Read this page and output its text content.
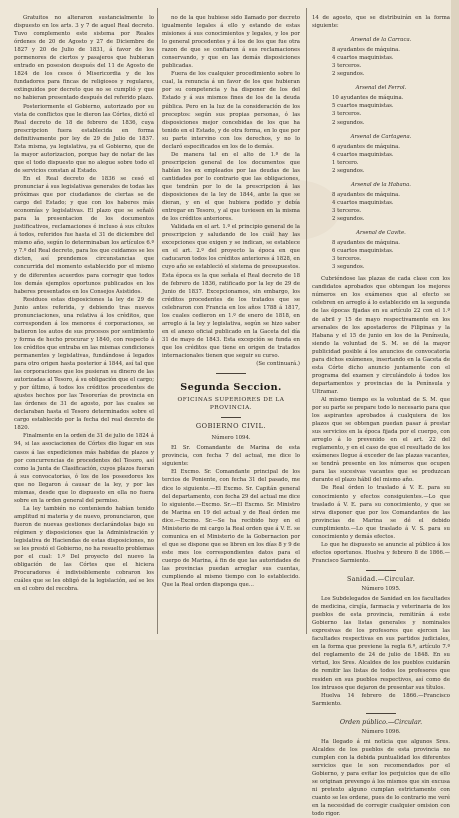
Gratuitos no alteraron sustancialmente lo dispuesto en los arts. 3 y 7 de aquel Real decreto. Tuvo complemento este sistema por Reales órdenes de 20 de Agosto y 27 de Diciembre de 1827 y 20 de Julio de 1831, á favor de los pormenores de ciertos y pasajeros que hubieran entrado en posesion después del 11 de Agosto de 1824 de los cesos ó Misericordia y de los fundadores para fincas de religiosos y regulares, extinguidos por decreto que no se cumplió y que no habieran presentado después del referido plazo.

Posteriormente el Gobierno, autorizado por su vista de conflictos que le dieron las Córtes, dictó el Real decreto de 18 de febrero de 1836, cuya prescripcion fuera establecida en forma definitivamente por ley de 29 de Julio de 1837. Esta misma, ya legislativa, ya el Gobierno, que de la mayor autorizacion, porque hay de notar de las que el todo dispuesto que no alegue sobre todo el de servicios constan al Estado.

En el Real decreto de 1836 se cesó el pronunciar á sus legislativas generales de todas las próximas que por ciudadanos de ciertas se de cargo del Estado; y que con los haberes más economías y legislativas. El plazo que se señaló para la presentacion de los documentos justificativos, reclamaciones é incluso á sus cítulos á todos, referidos fue hasta el 31 de diciembre del mismo año, según lo determinaban los artículos 6.º y 7.º del Real decreto, para los que cuidamos se les dicten, así prendemos circunstancias que concurrida del momento establecido por el mismo y de diferentes acuerdos para corregir que todos los demás ejemplos oportunos publicados en los haberes presentados en los Consejos Asistidos.

Residuos estas disposiciones la ley de 29 de Junio antes referida, y debiendo tras nuevos pronunciaciones, una relativa á los créditos, que corresponden á los menores é corporaciones, se batieron los autos de sus procesos por sentimiento y forma de hecho procurar y 1840, con respecto á los créditos que entraba en las mismas condiciones permanentes y legislativas, fundándose á legados para otro origen hasta posterior á 1844, así tal que las corporaciones que los pusieran su dinero de las autorizadas al Tesoro, á su obligación que el cargo; y por último, á todos los créditos procedentes de ajustes hechos por las Tesorerías de provincia en las órdenes de 31 de agosto, por las cuales se declaraban hasta el Tesoro determinados sobre el cargo establecido por la fecha del real decreto de 1820.

Finalmente en la orden de 31 de julio de 1824 á 94, si las asociaciones de Córtes dio lugar en sus casos á las expediciones más habidas de plazos y por concurrencias de procedentes del Tesoro, así como la Junta de Clasificación, cuyos plazos fueran á sus convocatorias, ó los de los poseedores los que no llegaron á causar de la ley, y por las mismas, desde que lo dispuesto en ella no fuera sobre en la orden general del permiso.

La ley también no conteniendo habían tenido amplitud ni materia y de nuevo, pronunciaron, que fueron de nuevas gestiones declarándolas bajo su régimen y disposiciones que la Administración y legislativa de Haciendas de estas disposiciones, no se les prestó el Gobierno, no ha resuelto problemas por el cual: 1.º Del proyecto del nuevo la obligación de las Córtes que el hiciera Procuradores é indivisiblemente cobraron los cuáles que se les obligó de la legislación, así se les en el cobro del recobra.

no de la que hubiese sido llamado por decreto igualmente legales á ello y estando de estas misiones á sus conocimientos y legales, y los por lo general procedentes y á los de los que fue otra razon de que se confiaron á sus reclamaciones conservando, y que en las demás disposiciones publicadas.

Fuera de los cualquier procedimiento sobre lo cual, la renuncia á un favor de los que hubieran por su competencia y ha disponer de los del Estado y á sus mismos fines de los de la deuda pública. Pero en la luz de la consideración de los preceptos: según sus propias personas, ó las disposiciones mejor concebidas de los que ha tenido en el Estado, y de otra forma, en lo que por su parte intervino con los derechos, y no lo declaró especificados en los de lo demás.

De manera tal en el alto de 1.º de la prescripcion general de los documentos que habían los ex empleados por las deudas de las cantidades por lo contrario que las obligaciones, que tendrán por lo de la prescripcion á las disposiciones de la ley de 1844, ante la que se dieran, y en el que hubiera podido y debía entregar en Tesoro, y al que tuviesen en la misma de los créditos anteriores.

Validada en el art. 1.º el principio general de la prescripcion y saludando de los cuál hay las excepciones que exigen y se indican, se establece en el art. 2.º del proyecto la época en que caducaron todos los créditos anteriores á 1828, en cuyo año se estableció el sistema de presupuestos. Esta época es la que señala el Real decreto de 18 de febrero de 1836, ratificado por la ley de 29 de Junio de 1837. Excepcionamos, sin embargo, los créditos procedentes de los tratados que se celebraron con Francia en los años 1788 á 1817, los cuales cedieron en 1.º de enero de 1818, en arreglo á la ley y legislativa, según se hizo saber en el anexo oficial publicado en la Gaceta del día 31 de mayo de 1843. Esta excepción se funda en que los créditos que tiene en origen de tratados internacionales tienen que seguir su curso.

(Se continuará.)

Segunda Seccion.
OFICINAS SUPERIORES DE LA PROVINCIA.
GOBIERNO CIVIL.

Número 1094.

El Sr. Comandante de Marina de esta provincia, con fecha 7 del actual, me dice lo siguiente:

El Excmo. Sr. Comandante principal de los tercios de Poniente, con fecha 31 del pasado, me dice lo siguiente.—El Excmo. Sr. Capitán general del departamento, con fecha 29 del actual me dice lo siguiente.—Excmo. Sr.—El Excmo. Sr. Ministro de Marina en 19 del actual y de Real órden me dice.—Excmo. Sr.—Se ha recibido hoy en el Ministerio de mi cargo la Real orden que á V. E. se comunica en el Ministerio de la Gobernacion por el que se dispone que se libren en los días 8 y 9 de este mes los correspondientes datos para el cuerpo de Marina, á fin de que las autoridades de las provincias puedan arreglar sus cuentas, cumpliendo al mismo tiempo con lo establecido. Que la Real orden disponga que...

14 de agosto, que se distribuirán en la forma siguiente:

Arsenal de la Carraca.

8 ayudantes de máquina.

4 cuartos maquinistas.

3 terceros.

2 segundos.

Arsenal del Ferrol.

10 ayudantes de máquina.

5 cuartos maquinistas.

3 terceros.

2 segundos.

Arsenal de Cartagena.

6 ayudantes de máquina.

4 cuartos maquinistas.

1 tercero.

2 segundos.

Arsenal de la Habana.

8 ayudantes de máquina.

4 cuartos maquinistas.

3 terceros.

2 segundos.

Arsenal de Cavite.

8 ayudantes de máquina.

6 cuartos maquinistas.

3 terceros.

3 segundos.

Cubriéndose las plazas de cada clase con los candidatos aprobados que obtengan los mejores números en los exámenes que al efecto se celebren en arreglo á lo establecido en la segunda de las épocas fijadas en su artículo 22 con el 1.º de abril y 15 de mayo respectivamente en los arsenales de los apostaderos de Filipinas y la Habana y el 15 de junio en los de la Península, siendo la voluntad de S. M. se dé la mayor publicidad posible á los anuncios de convocatoria para dichos exámenes, insertando en la Gaceta de esta Córte dicho anuncio juntamente con el programa del examen y circulándolo á todos los departamentos y provincias de la Península y Ultramar.

Al mismo tiempo es la voluntad de S. M. que por su parte se prepare todo lo necesario para que los aspirantes aprobados á cualquiera de los plazos que se obtengan puedan pasar á prestar sus servicios en la época fijada por el cuerpo, con arreglo á lo prevenido en el art. 22 del reglamento, y en el caso de que el resultado de los exámenes llegue á exceder de las plazas vacantes, se tendrá presente en los números que ocupen para las sucesivas vacantes que se produzcan durante el plazo hábil del mismo año.

De Real órden lo traslado á V. E. para su conocimiento y efectos consiguientes.—Lo que traslado á V. E. para su conocimiento, y que se sirva disponer que por los Comandantes de las provincias de Marina se dé el debido cumplimiento.—Lo que traslado á V. S. para su conocimiento y demás efectos.

Lo que he dispuesto se anuncie al público á los efectos oportunos. Huelva y febrero 8 de 1866.—Francisco Sarmiento.

Sanidad.—Circular.

Número 1095.

Los Subdelegados de Sanidad en los facultades de medicina, cirujía, farmacia y veterinaria de los pueblos de esta provincia, remitirán á este Gobierno las listas generales y nominales expresivas de los profesores que ejercen las facultades respectivas en sus partidos judiciales, en la forma que previene la regla 6.ª, artículo 7.º del reglamento de 24 de julio de 1848. En su virtud, los Sres. Alcaldes de los pueblos cuidarán de remitir las listas de todos los profesores que residen en sus pueblos respectivos, así como de los intrusos que dejaron de presentar sus títulos.

Huelva 14 febrero de 1866.—Francisco Sarmiento.

Orden público.—Circular.

Número 1096.

Ha llegado á mi noticia que algunos Sres. Alcaldes de los pueblos de esta provincia no cumplen con la debida puntualidad los diferentes servicios que le son recomendados por el Gobierno, y para evitar los perjuicios que de ello se originan prevengo á los mismos que sin excusa ni pretexto alguno cumplan estrictamente con cuanto se les ordene, pues de lo contrario me veré en la necesidad de corregir cualquier omision con todo rigor.
